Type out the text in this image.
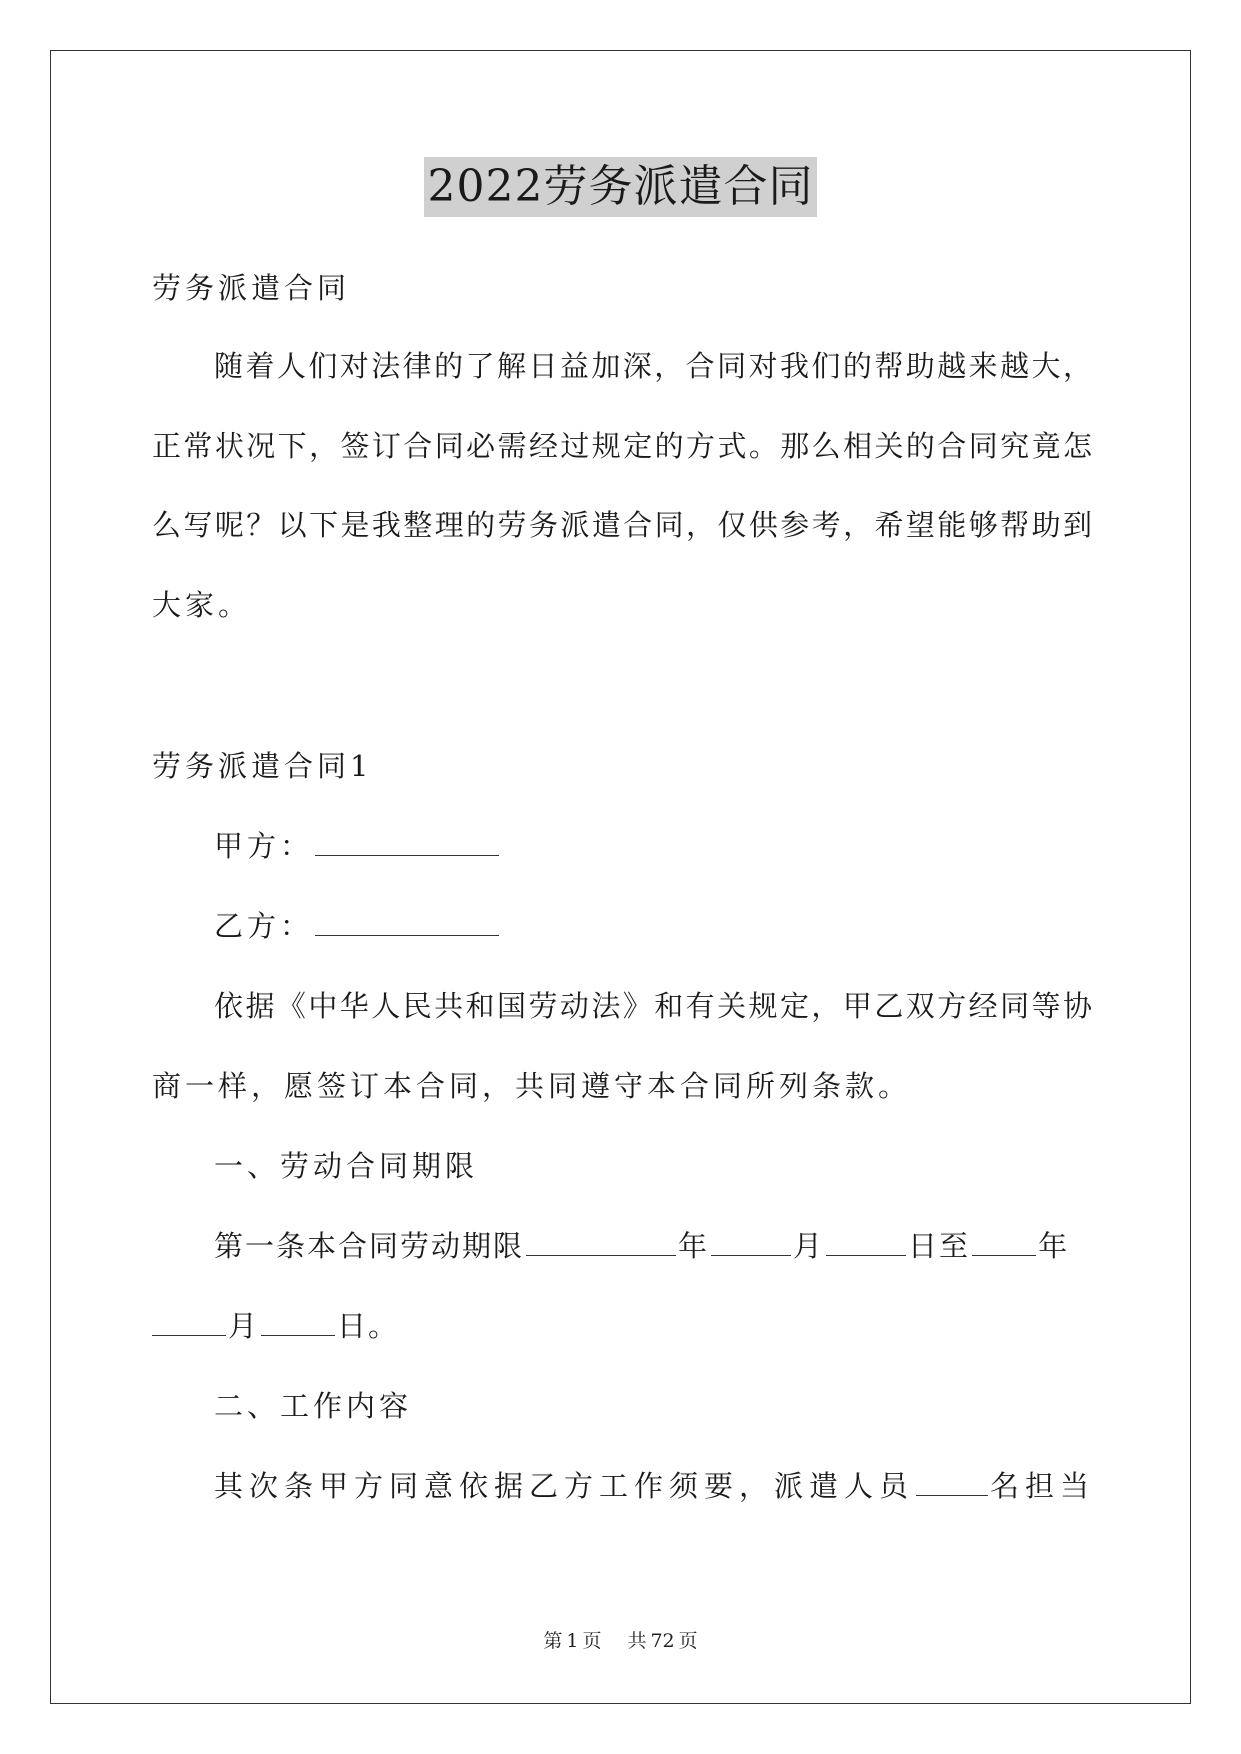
2022劳务派遣合同
劳务派遣合同
随着人们对法律的了解日益加深，合同对我们的帮助越来越大，
正常状况下，签订合同必需经过规定的方式。那么相关的合同究竟怎
么写呢？以下是我整理的劳务派遣合同，仅供参考，希望能够帮助到
大家。
劳务派遣合同1
甲方：
乙方：
依据《中华人民共和国劳动法》和有关规定，甲乙双方经同等协
商一样，愿签订本合同，共同遵守本合同所列条款。
一、劳动合同期限
第一条本合同劳动期限	年	月	日至 年
月	日。
二、工作内容
其次条甲方同意依据乙方工作须要，派遣人员	名担当
第 1 页 共 72 页
